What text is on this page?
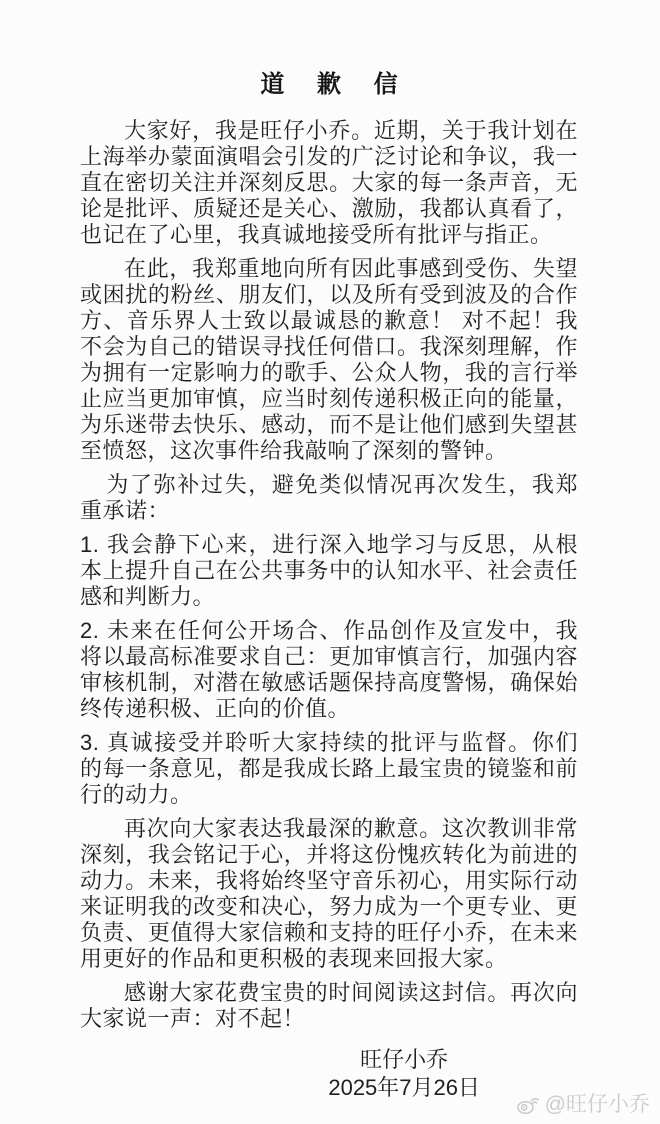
道 歉 信

大家好，我是旺仔小乔。近期，关于我计划在上海举办蒙面演唱会引发的广泛讨论和争议，我一直在密切关注并深刻反思。大家的每一条声音，无论是批评、质疑还是关心、激励，我都认真看了，也记在了心里，我真诚地接受所有批评与指正。

在此，我郑重地向所有因此事感到受伤、失望或困扰的粉丝、朋友们，以及所有受到波及的合作方、音乐界人士致以最诚恳的歉意！ 对不起！我不会为自己的错误寻找任何借口。我深刻理解，作为拥有一定影响力的歌手、公众人物，我的言行举止应当更加审慎，应当时刻传递积极正向的能量，为乐迷带去快乐、感动，而不是让他们感到失望甚至愤怒，这次事件给我敲响了深刻的警钟。

为了弥补过失，避免类似情况再次发生，我郑重承诺：

1. 我会静下心来，进行深入地学习与反思，从根本上提升自己在公共事务中的认知水平、社会责任感和判断力。

2. 未来在任何公开场合、作品创作及宣发中，我将以最高标准要求自己：更加审慎言行，加强内容审核机制，对潜在敏感话题保持高度警惕，确保始终传递积极、正向的价值。

3. 真诚接受并聆听大家持续的批评与监督。你们的每一条意见，都是我成长路上最宝贵的镜鉴和前行的动力。

再次向大家表达我最深的歉意。这次教训非常深刻，我会铭记于心，并将这份愧疚转化为前进的动力。未来，我将始终坚守音乐初心，用实际行动来证明我的改变和决心，努力成为一个更专业、更负责、更值得大家信赖和支持的旺仔小乔，在未来用更好的作品和更积极的表现来回报大家。

感谢大家花费宝贵的时间阅读这封信。再次向大家说一声：对不起！

旺仔小乔
2025年7月26日
@旺仔小乔
